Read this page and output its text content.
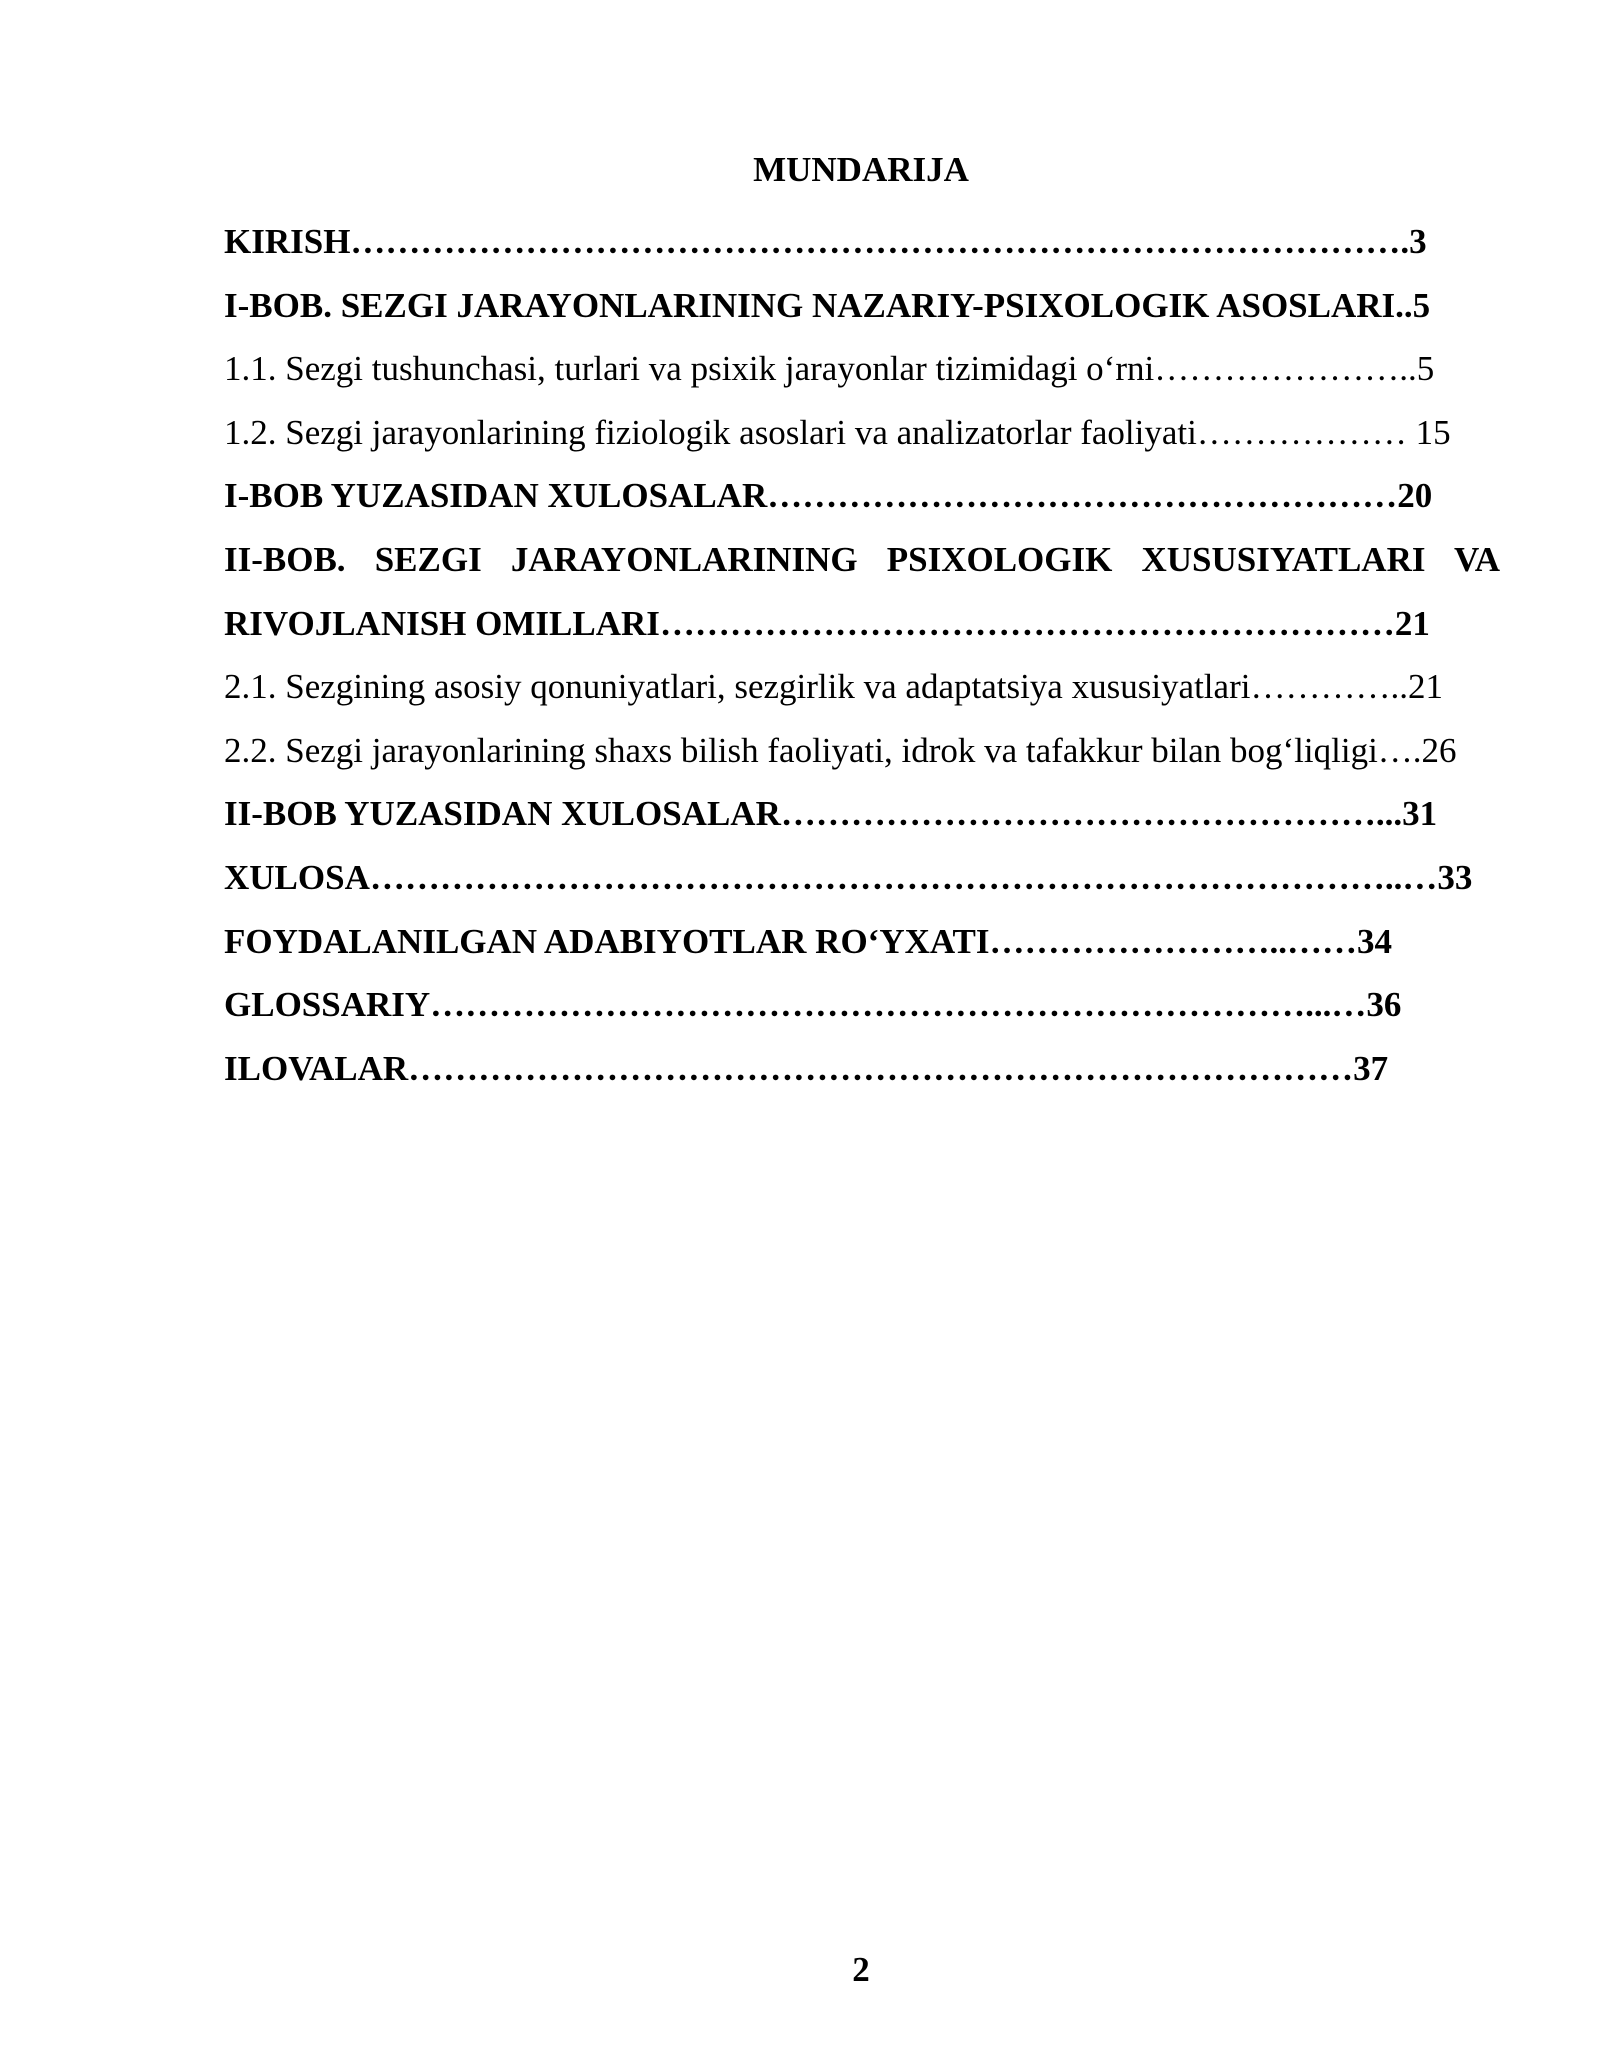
MUNDARIJA

KIRISH……………………………………………………………………………….3

I-BOB. SEZGI JARAYONLARINING NAZARIY-PSIXOLOGIK ASOSLARI..5

1.1. Sezgi tushunchasi, turlari va psixik jarayonlar tizimidagi o‘rni…………………..5

1.2. Sezgi jarayonlarining fiziologik asoslari va analizatorlar faoliyati……………… 15

I-BOB YUZASIDAN XULOSALAR………………………………………………20

II-BOB. SEZGI JARAYONLARINING PSIXOLOGIK XUSUSIYATLARI VA RIVOJLANISH OMILLARI………………………………………………………21

2.1. Sezgining asosiy qonuniyatlari, sezgirlik va adaptatsiya xususiyatlari…………..21

2.2. Sezgi jarayonlarining shaxs bilish faoliyati, idrok va tafakkur bilan bog‘liqligi….26

II-BOB YUZASIDAN XULOSALAR……………………………………………...31

XULOSA……………………………………………………………………………..…33

FOYDALANILGAN ADABIYOTLAR RO‘YXATI……………………..……34

GLOSSARIY…………………………………………………………………...…36

ILOVALAR………………………………………………………………………37

2
